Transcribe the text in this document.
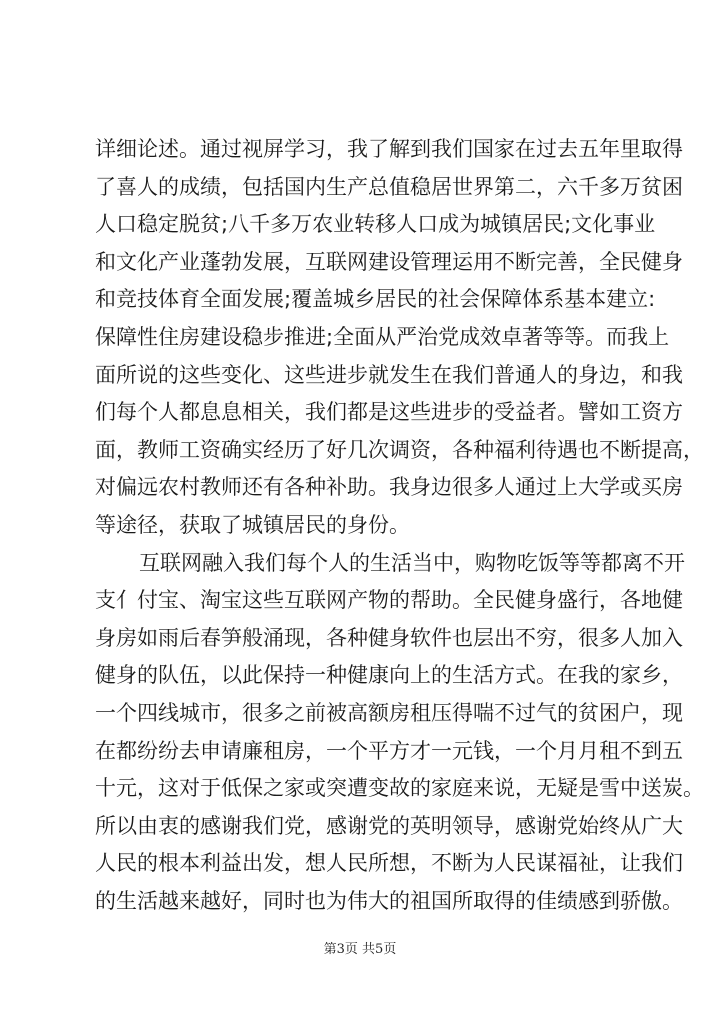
详细论述。通过视屏学习，我了解到我们国家在过去五年里取得
了喜人的成绩，包括国内生产总值稳居世界第二，六千多万贫困
人口稳定脱贫;八千多万农业转移人口成为城镇居民;文化事业
和文化产业蓬勃发展，互联网建设管理运用不断完善，全民健身
和竞技体育全面发展;覆盖城乡居民的社会保障体系基本建立:
保障性住房建设稳步推进;全面从严治党成效卓著等等。而我上
面所说的这些变化、这些进步就发生在我们普通人的身边，和我
们每个人都息息相关，我们都是这些进步的受益者。譬如工资方
面，教师工资确实经历了好几次调资，各种福利待遇也不断提高，
对偏远农村教师还有各种补助。我身边很多人通过上大学或买房
等途径，获取了城镇居民的身份。
互联网融入我们每个人的生活当中，购物吃饭等等都离不开
支亻付宝、淘宝这些互联网产物的帮助。全民健身盛行，各地健
身房如雨后春笋般涌现，各种健身软件也层出不穷，很多人加入
健身的队伍，以此保持一种健康向上的生活方式。在我的家乡，
一个四线城市，很多之前被高额房租压得喘不过气的贫困户，现
在都纷纷去申请廉租房，一个平方才一元钱，一个月月租不到五
十元，这对于低保之家或突遭变故的家庭来说，无疑是雪中送炭。
所以由衷的感谢我们党，感谢党的英明领导，感谢党始终从广大
人民的根本利益出发，想人民所想，不断为人民谋福祉，让我们
的生活越来越好，同时也为伟大的祖国所取得的佳绩感到骄傲。
第3页 共5页
